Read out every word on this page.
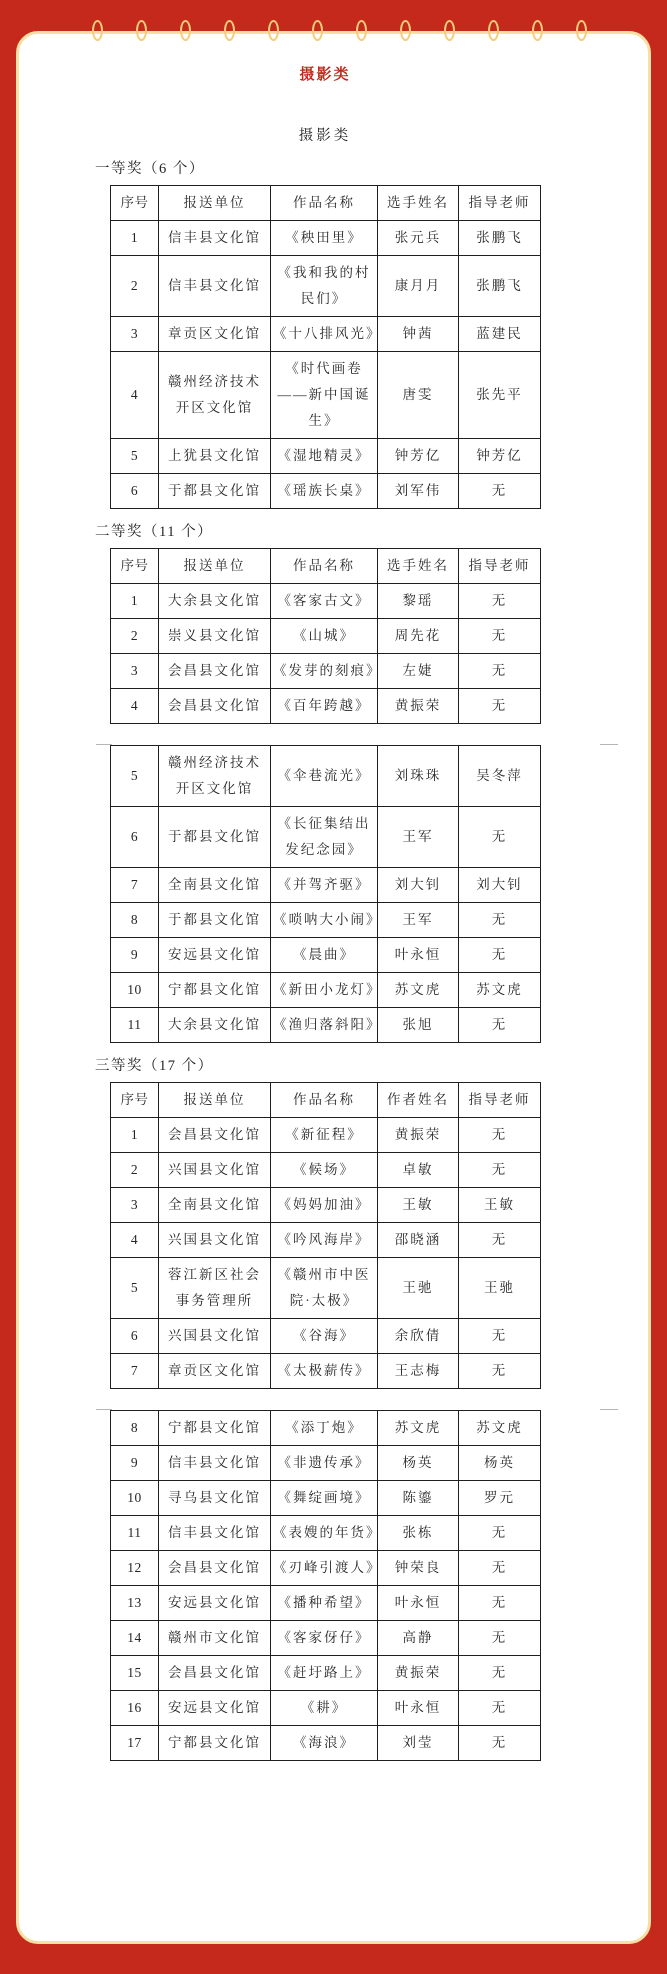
摄影类
摄影类
一等奖（6 个）
序号	报送单位	作品名称	选手姓名	指导老师
1	信丰县文化馆	《秧田里》	张元兵	张鹏飞
2	信丰县文化馆	《我和我的村民们》	康月月	张鹏飞
3	章贡区文化馆	《十八排风光》	钟茜	蓝建民
4	赣州经济技术开区文化馆	《时代画卷——新中国诞生》	唐雯	张先平
5	上犹县文化馆	《湿地精灵》	钟芳亿	钟芳亿
6	于都县文化馆	《瑶族长桌》	刘军伟	无
二等奖（11 个）
序号	报送单位	作品名称	选手姓名	指导老师
1	大余县文化馆	《客家古文》	黎瑶	无
2	崇义县文化馆	《山城》	周先花	无
3	会昌县文化馆	《发芽的刻痕》	左婕	无
4	会昌县文化馆	《百年跨越》	黄振荣	无
5	赣州经济技术开区文化馆	《伞巷流光》	刘珠珠	吴冬萍
6	于都县文化馆	《长征集结出发纪念园》	王军	无
7	全南县文化馆	《并驾齐驱》	刘大钊	刘大钊
8	于都县文化馆	《唢呐大小闹》	王军	无
9	安远县文化馆	《晨曲》	叶永恒	无
10	宁都县文化馆	《新田小龙灯》	苏文虎	苏文虎
11	大余县文化馆	《渔归落斜阳》	张旭	无
三等奖（17 个）
序号	报送单位	作品名称	作者姓名	指导老师
1	会昌县文化馆	《新征程》	黄振荣	无
2	兴国县文化馆	《候场》	卓敏	无
3	全南县文化馆	《妈妈加油》	王敏	王敏
4	兴国县文化馆	《吟风海岸》	邵晓涵	无
5	蓉江新区社会事务管理所	《赣州市中医院·太极》	王驰	王驰
6	兴国县文化馆	《谷海》	余欣倩	无
7	章贡区文化馆	《太极薪传》	王志梅	无
8	宁都县文化馆	《添丁炮》	苏文虎	苏文虎
9	信丰县文化馆	《非遗传承》	杨英	杨英
10	寻乌县文化馆	《舞绽画境》	陈鎏	罗元
11	信丰县文化馆	《表嫂的年货》	张栋	无
12	会昌县文化馆	《刃峰引渡人》	钟荣良	无
13	安远县文化馆	《播种希望》	叶永恒	无
14	赣州市文化馆	《客家伢仔》	高静	无
15	会昌县文化馆	《赶圩路上》	黄振荣	无
16	安远县文化馆	《耕》	叶永恒	无
17	宁都县文化馆	《海浪》	刘莹	无
